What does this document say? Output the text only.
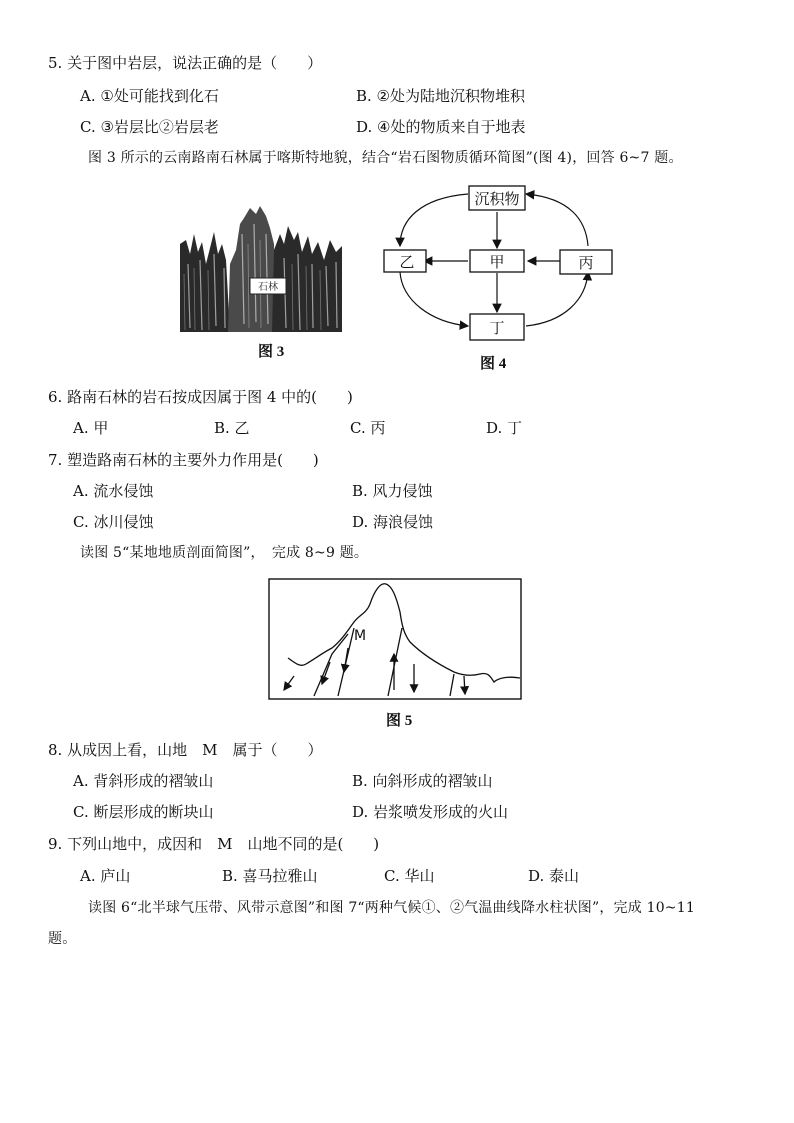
5. 关于图中岩层，说法正确的是（　　）
A. ①处可能找到化石	B. ②处为陆地沉积物堆积
C. ③岩层比②岩层老	D. ④处的物质来自于地表
图 3 所示的云南路南石林属于喀斯特地貌，结合“岩石图物质循环简图”(图 4)，回答 6~7 题。
石林
图 3
沉积物
乙	甲	丙
丁
图 4
6. 路南石林的岩石按成因属于图 4 中的(　　)
A. 甲	B. 乙	C. 丙	D. 丁
7. 塑造路南石林的主要外力作用是(　　)
A. 流水侵蚀	B. 风力侵蚀
C. 冰川侵蚀	D. 海浪侵蚀
读图 5“某地地质剖面简图”，　完成 8~9 题。
M
图 5
8. 从成因上看，山地　M　属于（　　）
A. 背斜形成的褶皱山	B. 向斜形成的褶皱山
C. 断层形成的断块山	D. 岩浆喷发形成的火山
9. 下列山地中，成因和　M　山地不同的是(　　)
A. 庐山	B. 喜马拉雅山	C. 华山	D. 泰山
读图 6“北半球气压带、风带示意图”和图 7“两种气候①、②气温曲线降水柱状图”，完成 10~11
题。
